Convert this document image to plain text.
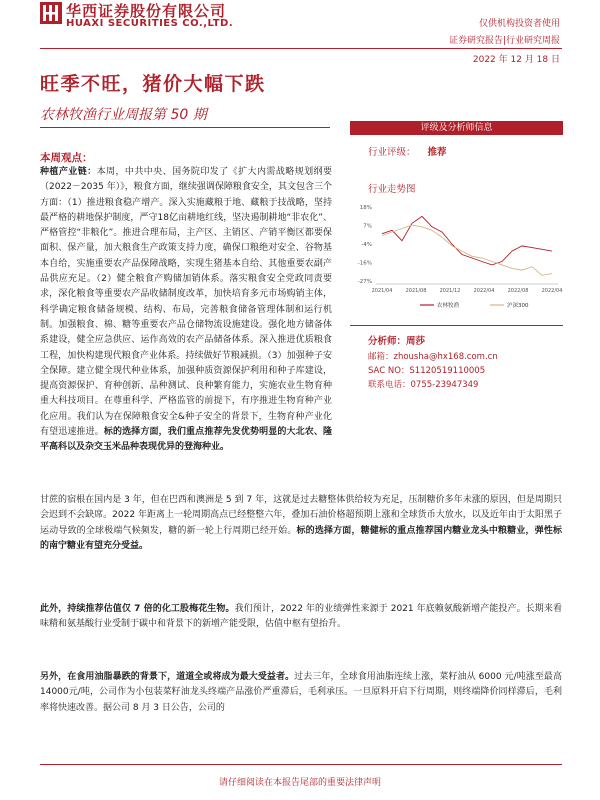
华西证券股份有限公司
HUAXI SECURITIES CO.,LTD.	仅供机构投资者使用
证券研究报告|行业研究周报
2022 年 12 月 18 日
旺季不旺，猪价大幅下跌
农林牧渔行业周报第 50 期
评级及分析师信息
行业评级： 推荐
行业走势图
18%
7%
-4%
-16%
-27%
2021/04	2021/08	2021/12	2022/04	2022/08	2022/04
农林牧渔	沪深300
分析师：周莎
邮箱：zhousha@hx168.com.cn
SAC NO：S1120519110005
联系电话：0755-23947349
本周观点：
种植产业链：本周，中共中央、国务院印发了《扩大内需战略规划纲要（2022－2035 年）》，粮食方面，继续强调保障粮食安全，其文包含三个方面：（1）推进粮食稳产增产。深入实施藏粮于地、藏粮于技战略，坚持最严格的耕地保护制度，严守18亿亩耕地红线，坚决遏制耕地“非农化”、严格管控“非粮化”。推进合理布局，主产区、主销区、产销平衡区都要保面积、保产量，加大粮食生产政策支持力度，确保口粮绝对安全、谷物基本自给，实施重要农产品保障战略，实现生猪基本自给、其他重要农副产品供应充足。（2）健全粮食产购储加销体系。落实粮食安全党政同责要求，深化粮食等重要农产品收储制度改革，加快培育多元市场购销主体，科学确定粮食储备规模、结构、布局，完善粮食储备管理体制和运行机制。加强粮食、棉、糖等重要农产品仓储物流设施建设。强化地方储备体系建设，健全应急供应、运作高效的农产品储备体系。深入推进优质粮食工程，加快构建现代粮食产业体系。持续做好节粮减损。（3）加强种子安全保障。建立健全现代种业体系，加强种质资源保护利用和种子库建设，提高资源保护、育种创新、品种测试、良种繁育能力，实施农业生物育种重大科技项目。在尊重科学、严格监管的前提下，有序推进生物育种产业化应用。我们认为在保障粮食安全&种子安全的背景下，生物育种产业化有望迅速推进。标的选择方面，我们重点推荐先发优势明显的大北农、隆平高科以及杂交玉米品种表现优异的登海种业。
甘蔗的宿根在国内是 3 年，但在巴西和澳洲是 5 到 7 年，这就是过去糖整体供给较为充足，压制糖价多年未涨的原因，但是周期只会迟到不会缺席。2022 年距离上一轮周期高点已经整整六年，叠加石油价格超预期上涨和全球货币大放水，以及近年由于太阳黑子运动导致的全球极端气候频发，糖的新一轮上行周期已经开始。标的选择方面，糖健标的重点推荐国内糖业龙头中粮糖业，弹性标的南宁糖业有望充分受益。
此外，持续推荐估值仅 7 倍的化工股梅花生物。我们预计，2022 年的业绩弹性来源于 2021 年底赖氨酸新增产能投产。长期来看味精和氨基酸行业受制于碳中和背景下的新增产能受限，估值中枢有望抬升。
另外，在食用油脂暴跌的背景下，道道全或将成为最大受益者。过去三年，全球食用油脂连续上涨，菜籽油从 6000 元/吨涨至最高14000元/吨，公司作为小包装菜籽油龙头终端产品涨价严重滞后，毛利承压。一旦原料开启下行周期，则终端降价同样滞后，毛利率将快速改善。据公司 8 月 3 日公告，公司的
请仔细阅读在本报告尾部的重要法律声明
